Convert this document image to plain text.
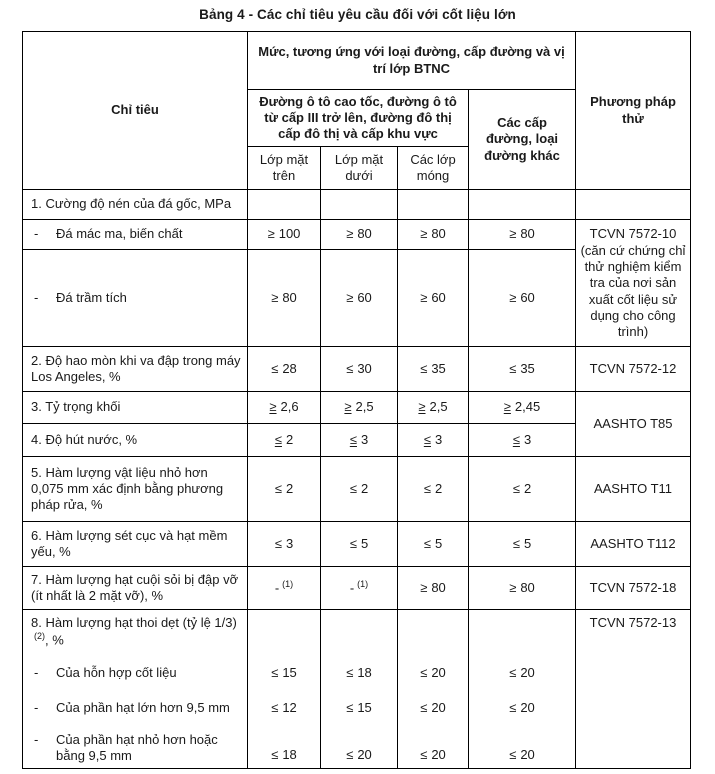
Bảng 4 - Các chỉ tiêu yêu cầu đối với cốt liệu lớn
Chỉ tiêu	Mức, tương ứng với loại đường, cấp đường và vị trí lớp BTNC				Phương pháp thử
	Đường ô tô cao tốc, đường ô tô từ cấp III trở lên, đường đô thị cấp đô thị và cấp khu vực			Các cấp đường, loại đường khác	
	Lớp mặt trên	Lớp mặt dưới	Các lớp móng		
1. Cường độ nén của đá gốc, MPa					
- Đá mác ma, biến chất	≥ 100	≥ 80	≥ 80	≥ 80	TCVN 7572-10
(căn cứ chứng chỉ thử nghiệm kiểm tra của nơi sản xuất cốt liệu sử dụng cho công trình)

- Đá trầm tích	≥ 80	≥ 60	≥ 60	≥ 60	
2. Độ hao mòn khi va đập trong máy Los Angeles, %	≤ 28	≤ 30	≤ 35	≤ 35	TCVN 7572-12
3. Tỷ trọng khối	≥ 2,6	≥ 2,5	≥ 2,5	≥ 2,45	AASHTO T85
4. Độ hút nước, %	≤ 2	≤ 3	≤ 3	≤ 3	
5. Hàm lượng vật liệu nhỏ hơn 0,075 mm xác định bằng phương pháp rửa, %	≤ 2	≤ 2	≤ 2	≤ 2	AASHTO T11
6. Hàm lượng sét cục và hạt mềm yếu, %	≤ 3	≤ 5	≤ 5	≤ 5	AASHTO T112
7. Hàm lượng hạt cuội sỏi bị đập vỡ (ít nhất là 2 mặt vỡ), %	- $^{(1)}$	- $^{(1)}$	≥ 80	≥ 80	TCVN 7572-18
8. Hàm lượng hạt thoi dẹt (tỷ lệ 1/3)$^{(2)}$, %					TCVN 7572-13
- Của hỗn hợp cốt liệu	≤ 15	≤ 18	≤ 20	≤ 20	
- Của phần hạt lớn hơn 9,5 mm	≤ 12	≤ 15	≤ 20	≤ 20	
- Của phần hạt nhỏ hơn hoặc bằng 9,5 mm	≤ 18	≤ 20	≤ 20	≤ 20	
